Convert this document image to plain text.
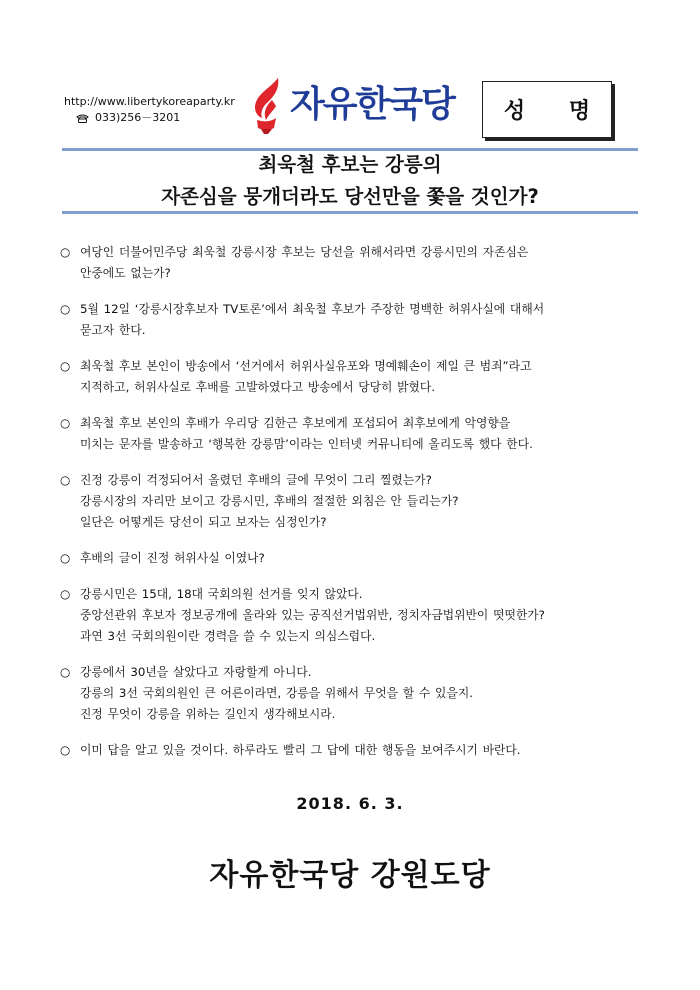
http://www.libertykoreaparty.kr
033)256－3201	자유한국당 성 명
최욱철 후보는 강릉의
자존심을 뭉개더라도 당선만을 쫓을 것인가?
○ 여당인 더불어민주당 최욱철 강릉시장 후보는 당선을 위해서라면 강릉시민의 자존심은
안중에도 없는가?
○ 5월 12일 ‘강릉시장후보자 TV토론’에서 최욱철 후보가 주장한 명백한 허위사실에 대해서
묻고자 한다.
○ 최욱철 후보 본인이 방송에서 ‘선거에서 허위사실유포와 명예훼손이 제일 큰 범죄”라고
지적하고, 허위사실로 후배를 고발하였다고 방송에서 당당히 밝혔다.
○ 최욱철 후보 본인의 후배가 우리당 김한근 후보에게 포섭되어 최후보에게 악영향을
미치는 문자를 발송하고 ‘행복한 강릉맘’이라는 인터넷 커뮤니티에 올리도록 했다 한다.
○ 진정 강릉이 걱정되어서 올렸던 후배의 글에 무엇이 그리 찔렸는가?
강릉시장의 자리만 보이고 강릉시민, 후배의 절절한 외침은 안 들리는가?
일단은 어떻게든 당선이 되고 보자는 심정인가?
○ 후배의 글이 진정 허위사실 이였나?
○ 강릉시민은 15대, 18대 국회의원 선거를 잊지 않았다.
중앙선관위 후보자 정보공개에 올라와 있는 공직선거법위반, 정치자금법위반이 떳떳한가?
과연 3선 국회의원이란 경력을 쓸 수 있는지 의심스럽다.
○ 강릉에서 30년을 살았다고 자랑할게 아니다.
강릉의 3선 국회의원인 큰 어른이라면, 강릉을 위해서 무엇을 할 수 있을지.
진정 무엇이 강릉을 위하는 길인지 생각해보시라.
○ 이미 답을 알고 있을 것이다. 하루라도 빨리 그 답에 대한 행동을 보여주시기 바란다.
2018. 6. 3.
자유한국당 강원도당
